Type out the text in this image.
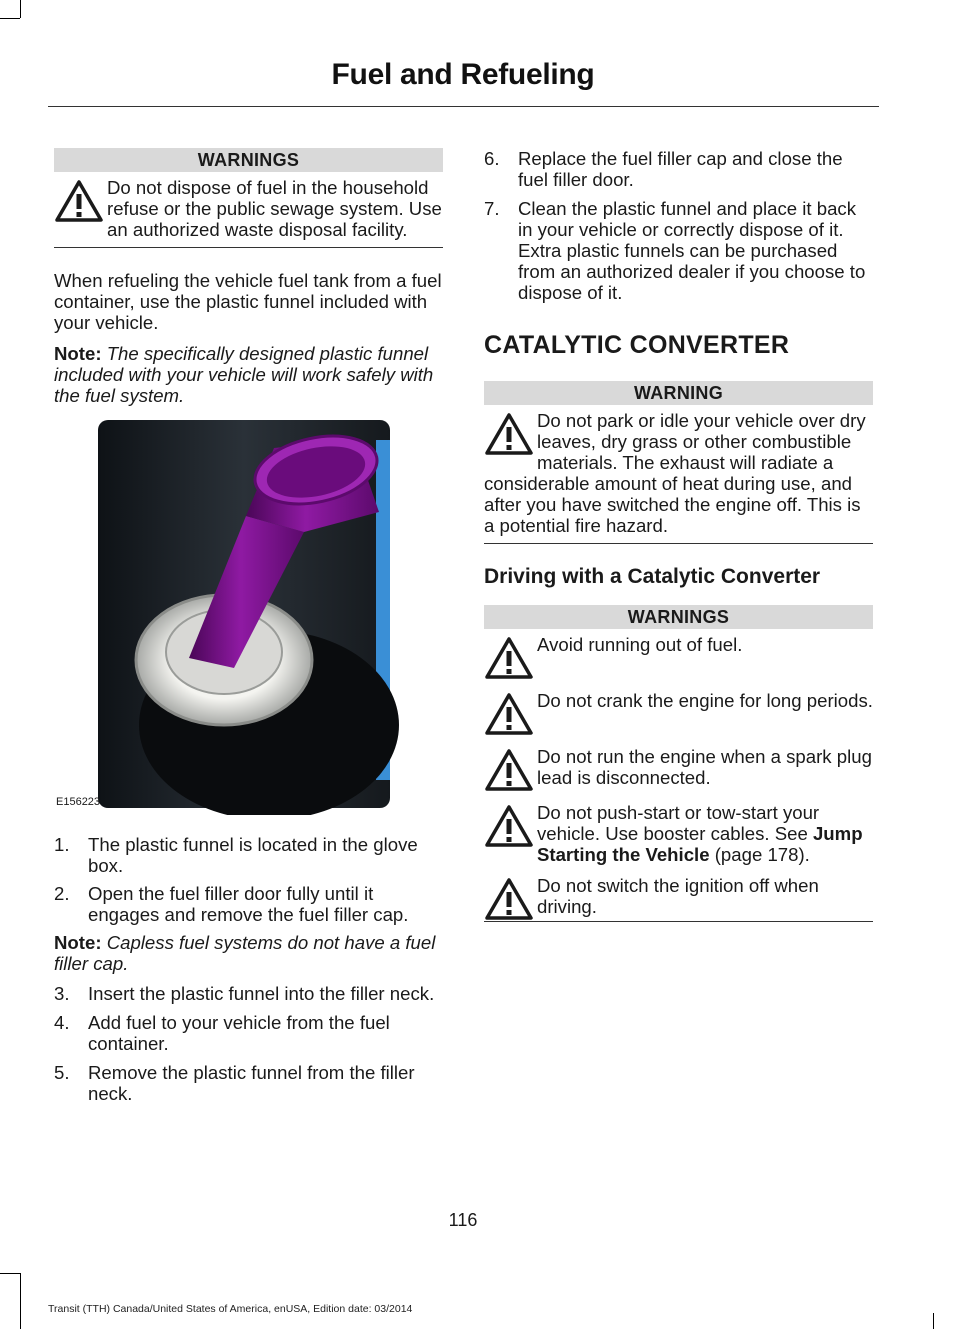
Fuel and Refueling
WARNINGS
Do not dispose of fuel in the household refuse or the public sewage system. Use an authorized waste disposal facility.

When refueling the vehicle fuel tank from a fuel container, use the plastic funnel included with your vehicle.

Note: The specifically designed plastic funnel included with your vehicle will work safely with the fuel system.

E156223
1. The plastic funnel is located in the glove box.
2. Open the fuel filler door fully until it engages and remove the fuel filler cap.

Note: Capless fuel systems do not have a fuel filler cap.

3. Insert the plastic funnel into the filler neck.
4. Add fuel to your vehicle from the fuel container.
5. Remove the plastic funnel from the filler neck.
6. Replace the fuel filler cap and close the fuel filler door.
7. Clean the plastic funnel and place it back in your vehicle or correctly dispose of it. Extra plastic funnels can be purchased from an authorized dealer if you choose to dispose of it.
CATALYTIC CONVERTER
WARNING
Do not park or idle your vehicle over dry leaves, dry grass or other combustible materials. The exhaust will radiate a considerable amount of heat during use, and after you have switched the engine off. This is a potential fire hazard.
Driving with a Catalytic Converter
WARNINGS
Avoid running out of fuel.
Do not crank the engine for long periods.
Do not run the engine when a spark plug lead is disconnected.
Do not push-start or tow-start your vehicle. Use booster cables. See Jump Starting the Vehicle (page 178).
Do not switch the ignition off when driving.
116
Transit (TTH) Canada/United States of America, enUSA, Edition date: 03/2014
